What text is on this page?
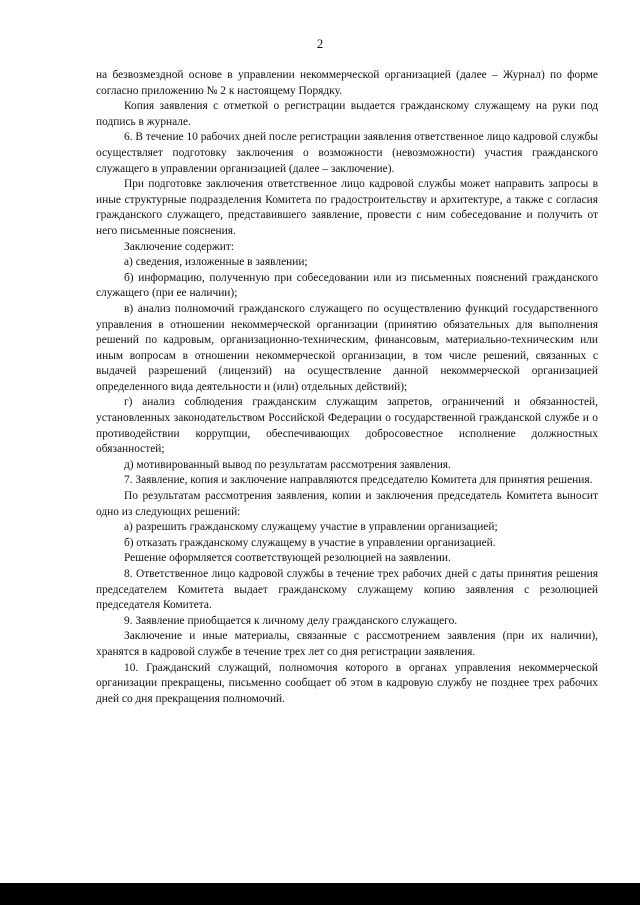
2

на безвозмездной основе в управлении некоммерческой организацией (далее – Журнал) по форме согласно приложению № 2 к настоящему Порядку.

Копия заявления с отметкой о регистрации выдается гражданскому служащему на руки под подпись в журнале.

6. В течение 10 рабочих дней после регистрации заявления ответственное лицо кадровой службы осуществляет подготовку заключения о возможности (невозможности) участия гражданского служащего в управлении организацией (далее – заключение).

При подготовке заключения ответственное лицо кадровой службы может направить запросы в иные структурные подразделения Комитета по градостроительству и архитектуре, а также с согласия гражданского служащего, представившего заявление, провести с ним собеседование и получить от него письменные пояснения.

Заключение содержит:

а) сведения, изложенные в заявлении;

б) информацию, полученную при собеседовании или из письменных пояснений гражданского служащего (при ее наличии);

в) анализ полномочий гражданского служащего по осуществлению функций государственного управления в отношении некоммерческой организации (принятию обязательных для выполнения решений по кадровым, организационно-техническим, финансовым, материально-техническим или иным вопросам в отношении некоммерческой организации, в том числе решений, связанных с выдачей разрешений (лицензий) на осуществление данной некоммерческой организацией определенного вида деятельности и (или) отдельных действий);

г) анализ соблюдения гражданским служащим запретов, ограничений и обязанностей, установленных законодательством Российской Федерации о государственной гражданской службе и о противодействии коррупции, обеспечивающих добросовестное исполнение должностных обязанностей;

д) мотивированный вывод по результатам рассмотрения заявления.

7. Заявление, копия и заключение направляются председателю Комитета для принятия решения.

По результатам рассмотрения заявления, копии и заключения председатель Комитета выносит одно из следующих решений:

а) разрешить гражданскому служащему участие в управлении организацией;

б) отказать гражданскому служащему в участие в управлении организацией.

Решение оформляется соответствующей резолюцией на заявлении.

8. Ответственное лицо кадровой службы в течение трех рабочих дней с даты принятия решения председателем Комитета выдает гражданскому служащему копию заявления с резолюцией председателя Комитета.

9. Заявление приобщается к личному делу гражданского служащего.

Заключение и иные материалы, связанные с рассмотрением заявления (при их наличии), хранятся в кадровой службе в течение трех лет со дня регистрации заявления.

10. Гражданский служащий, полномочия которого в органах управления некоммерческой организации прекращены, письменно сообщает об этом в кадровую службу не позднее трех рабочих дней со дня прекращения полномочий.
